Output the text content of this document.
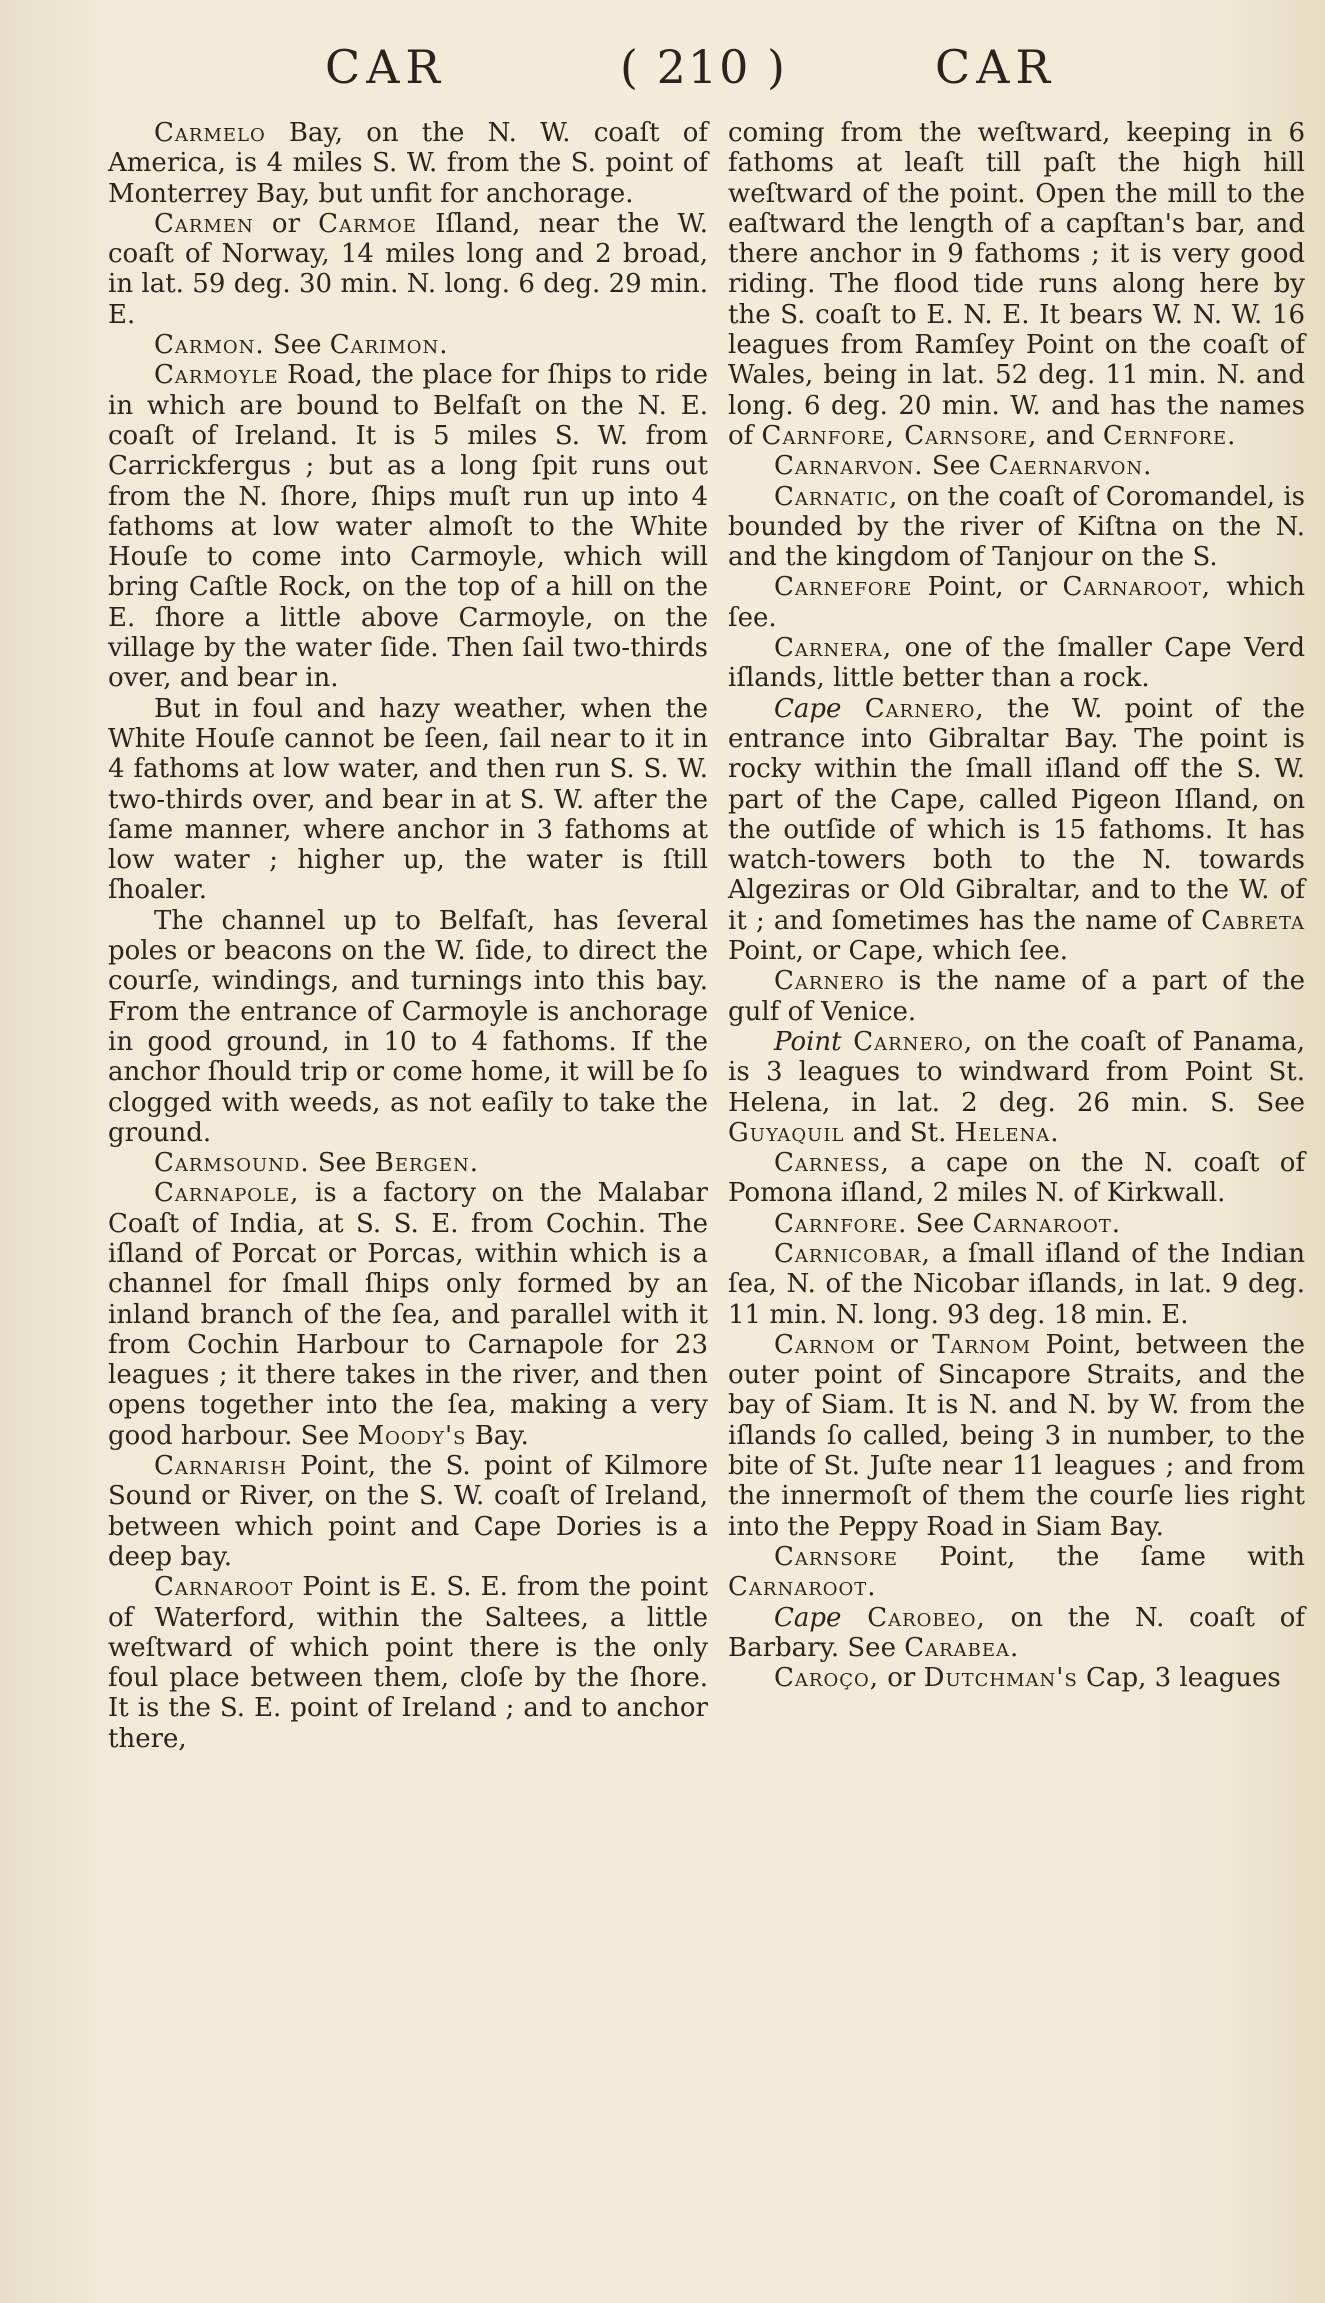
CAR	( 210 )	CAR

Carmelo Bay, on the N. W. coaſt of America, is 4 miles S. W. from the S. point of Monterrey Bay, but unfit for anchorage.

Carmen or Carmoe Iſland, near the W. coaſt of Norway, 14 miles long and 2 broad, in lat. 59 deg. 30 min. N. long. 6 deg. 29 min. E.

Carmon. See Carimon.

Carmoyle Road, the place for ſhips to ride in which are bound to Belfaſt on the N. E. coaſt of Ireland. It is 5 miles S. W. from Carrickfergus ; but as a long ſpit runs out from the N. ſhore, ſhips muſt run up into 4 fathoms at low water almoſt to the White Houſe to come into Carmoyle, which will bring Caſtle Rock, on the top of a hill on the E. ſhore a little above Carmoyle, on the village by the water ſide. Then ſail two-thirds over, and bear in.

But in foul and hazy weather, when the White Houſe cannot be ſeen, ſail near to it in 4 fathoms at low water, and then run S. S. W. two-thirds over, and bear in at S. W. after the ſame manner, where anchor in 3 fathoms at low water ; higher up, the water is ſtill ſhoaler.

The channel up to Belfaſt, has ſeveral poles or beacons on the W. ſide, to direct the courſe, windings, and turnings into this bay. From the entrance of Carmoyle is anchorage in good ground, in 10 to 4 fathoms. If the anchor ſhould trip or come home, it will be ſo clogged with weeds, as not eaſily to take the ground.

Carmsound. See Bergen.

Carnapole, is a factory on the Malabar Coaſt of India, at S. S. E. from Cochin. The iſland of Porcat or Porcas, within which is a channel for ſmall ſhips only formed by an inland branch of the ſea, and parallel with it from Cochin Harbour to Carnapole for 23 leagues ; it there takes in the river, and then opens together into the ſea, making a very good harbour. See Moody's Bay.

Carnarish Point, the S. point of Kilmore Sound or River, on the S. W. coaſt of Ireland, between which point and Cape Dories is a deep bay.

Carnaroot Point is E. S. E. from the point of Waterford, within the Saltees, a little weſtward of which point there is the only foul place between them, cloſe by the ſhore. It is the S. E. point of Ireland ; and to anchor there,

coming from the weſtward, keeping in 6 fathoms at leaſt till paſt the high hill weſtward of the point. Open the mill to the eaſtward the length of a capſtan's bar, and there anchor in 9 fathoms ; it is very good riding. The flood tide runs along here by the S. coaſt to E. N. E. It bears W. N. W. 16 leagues from Ramſey Point on the coaſt of Wales, being in lat. 52 deg. 11 min. N. and long. 6 deg. 20 min. W. and has the names of Carnfore, Carnsore, and Cernfore.

Carnarvon. See Caernarvon.

Carnatic, on the coaſt of Coromandel, is bounded by the river of Kiſtna on the N. and the kingdom of Tanjour on the S.

Carnefore Point, or Carnaroot, which ſee.

Carnera, one of the ſmaller Cape Verd iſlands, little better than a rock.

Cape Carnero, the W. point of the entrance into Gibraltar Bay. The point is rocky within the ſmall iſland off the S. W. part of the Cape, called Pigeon Iſland, on the outſide of which is 15 fathoms. It has watch-towers both to the N. towards Algeziras or Old Gibraltar, and to the W. of it ; and ſometimes has the name of Cabreta Point, or Cape, which ſee.

Carnero is the name of a part of the gulf of Venice.

Point Carnero, on the coaſt of Panama, is 3 leagues to windward from Point St. Helena, in lat. 2 deg. 26 min. S. See Guyaquil and St. Helena.

Carness, a cape on the N. coaſt of Pomona iſland, 2 miles N. of Kirkwall.

Carnfore. See Carnaroot.

Carnicobar, a ſmall iſland of the Indian ſea, N. of the Nicobar iſlands, in lat. 9 deg. 11 min. N. long. 93 deg. 18 min. E.

Carnom or Tarnom Point, between the outer point of Sincapore Straits, and the bay of Siam. It is N. and N. by W. from the iſlands ſo called, being 3 in number, to the bite of St. Juſte near 11 leagues ; and from the innermoſt of them the courſe lies right into the Peppy Road in Siam Bay.

Carnsore Point, the ſame with Carnaroot.

Cape Carobeo, on the N. coaſt of Barbary. See Carabea.

Caroço, or Dutchman's Cap, 3 leagues
